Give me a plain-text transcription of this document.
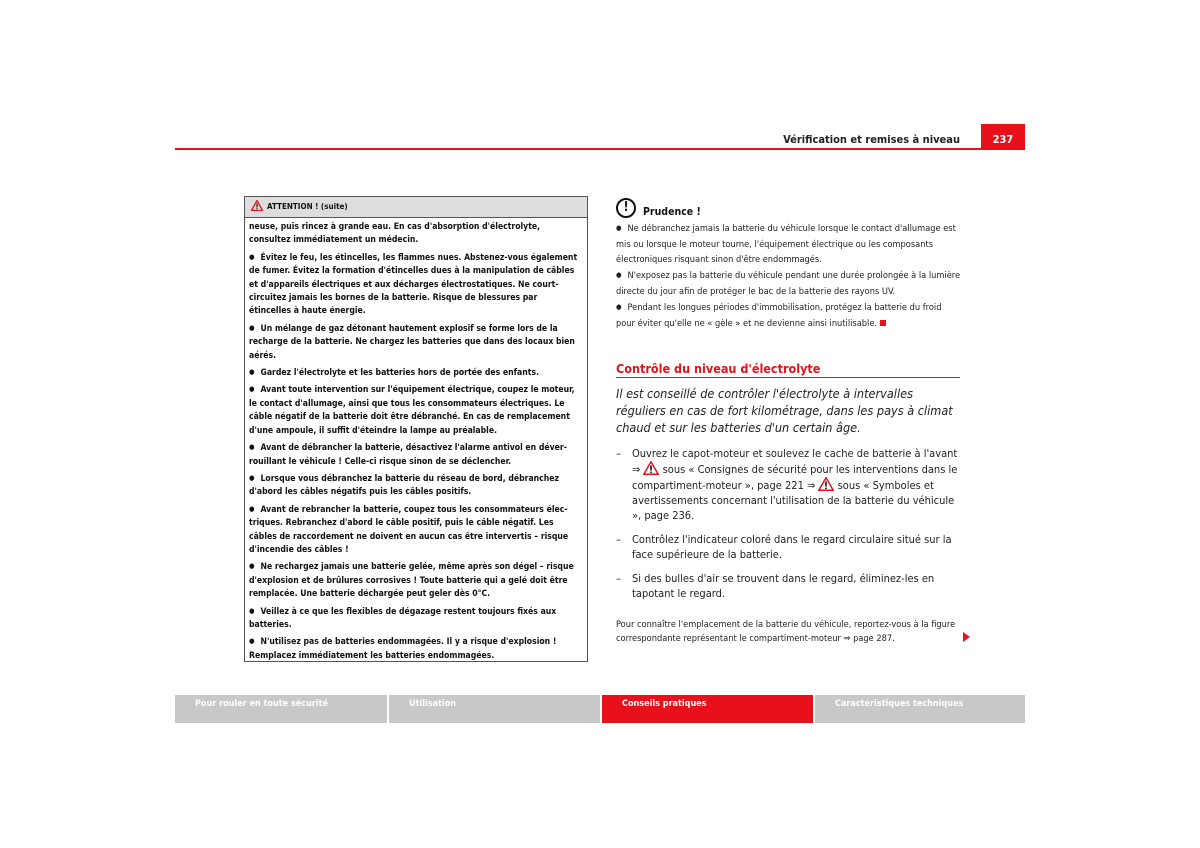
Vérification et remises à niveau	237
ATTENTION ! (suite)

neuse, puis rincez à grande eau. En cas d'absorption d'électrolyte, consultez immédiatement un médecin.

● Évitez le feu, les étincelles, les flammes nues. Abstenez-vous également de fumer. Évitez la formation d'étincelles dues à la manipulation de câbles et d'appareils électriques et aux décharges électrostatiques. Ne court-circuitez jamais les bornes de la batterie. Risque de blessures par étincelles à haute énergie.

● Un mélange de gaz détonant hautement explosif se forme lors de la recharge de la batterie. Ne chargez les batteries que dans des locaux bien aérés.

● Gardez l'électrolyte et les batteries hors de portée des enfants.

● Avant toute intervention sur l'équipement électrique, coupez le moteur, le contact d'allumage, ainsi que tous les consommateurs électriques. Le câble négatif de la batterie doit être débranché. En cas de remplacement d'une ampoule, il suffit d'éteindre la lampe au préalable.

● Avant de débrancher la batterie, désactivez l'alarme antivol en déverrouillant le véhicule ! Celle-ci risque sinon de se déclencher.

● Lorsque vous débranchez la batterie du réseau de bord, débranchez d'abord les câbles négatifs puis les câbles positifs.

● Avant de rebrancher la batterie, coupez tous les consommateurs électriques. Rebranchez d'abord le câble positif, puis le câble négatif. Les câbles de raccordement ne doivent en aucun cas être intervertis – risque d'incendie des câbles !

● Ne rechargez jamais une batterie gelée, même après son dégel – risque d'explosion et de brûlures corrosives ! Toute batterie qui a gelé doit être remplacée. Une batterie déchargée peut geler dès 0°C.

● Veillez à ce que les flexibles de dégazage restent toujours fixés aux batteries.

● N'utilisez pas de batteries endommagées. Il y a risque d'explosion ! Remplacez immédiatement les batteries endommagées.

!	Prudence !

● Ne débranchez jamais la batterie du véhicule lorsque le contact d'allumage est mis ou lorsque le moteur tourne, l'équipement électrique ou les composants électroniques risquant sinon d'être endommagés.

● N'exposez pas la batterie du véhicule pendant une durée prolongée à la lumière directe du jour afin de protéger le bac de la batterie des rayons UV.

● Pendant les longues périodes d'immobilisation, protégez la batterie du froid pour éviter qu'elle ne « gèle » et ne devienne ainsi inutilisable.

Contrôle du niveau d'électrolyte
Il est conseillé de contrôler l'électrolyte à intervalles réguliers en cas de fort kilométrage, dans les pays à climat chaud et sur les batteries d'un certain âge.
– Ouvrez le capot-moteur et soulevez le cache de batterie à l'avant
⇒ sous « Consignes de sécurité pour les interventions dans le compartiment-moteur », page 221 ⇒ sous « Symboles et avertissements concernant l'utilisation de la batterie du véhicule », page 236.
– Contrôlez l'indicateur coloré dans le regard circulaire situé sur la face supérieure de la batterie.
– Si des bulles d'air se trouvent dans le regard, éliminez-les en tapotant le regard.
Pour connaître l'emplacement de la batterie du véhicule, reportez-vous à la figure correspondante représentant le compartiment-moteur ⇒ page 287.
Pour rouler en toute sécurité	Utilisation	Conseils pratiques	Caractéristiques techniques
